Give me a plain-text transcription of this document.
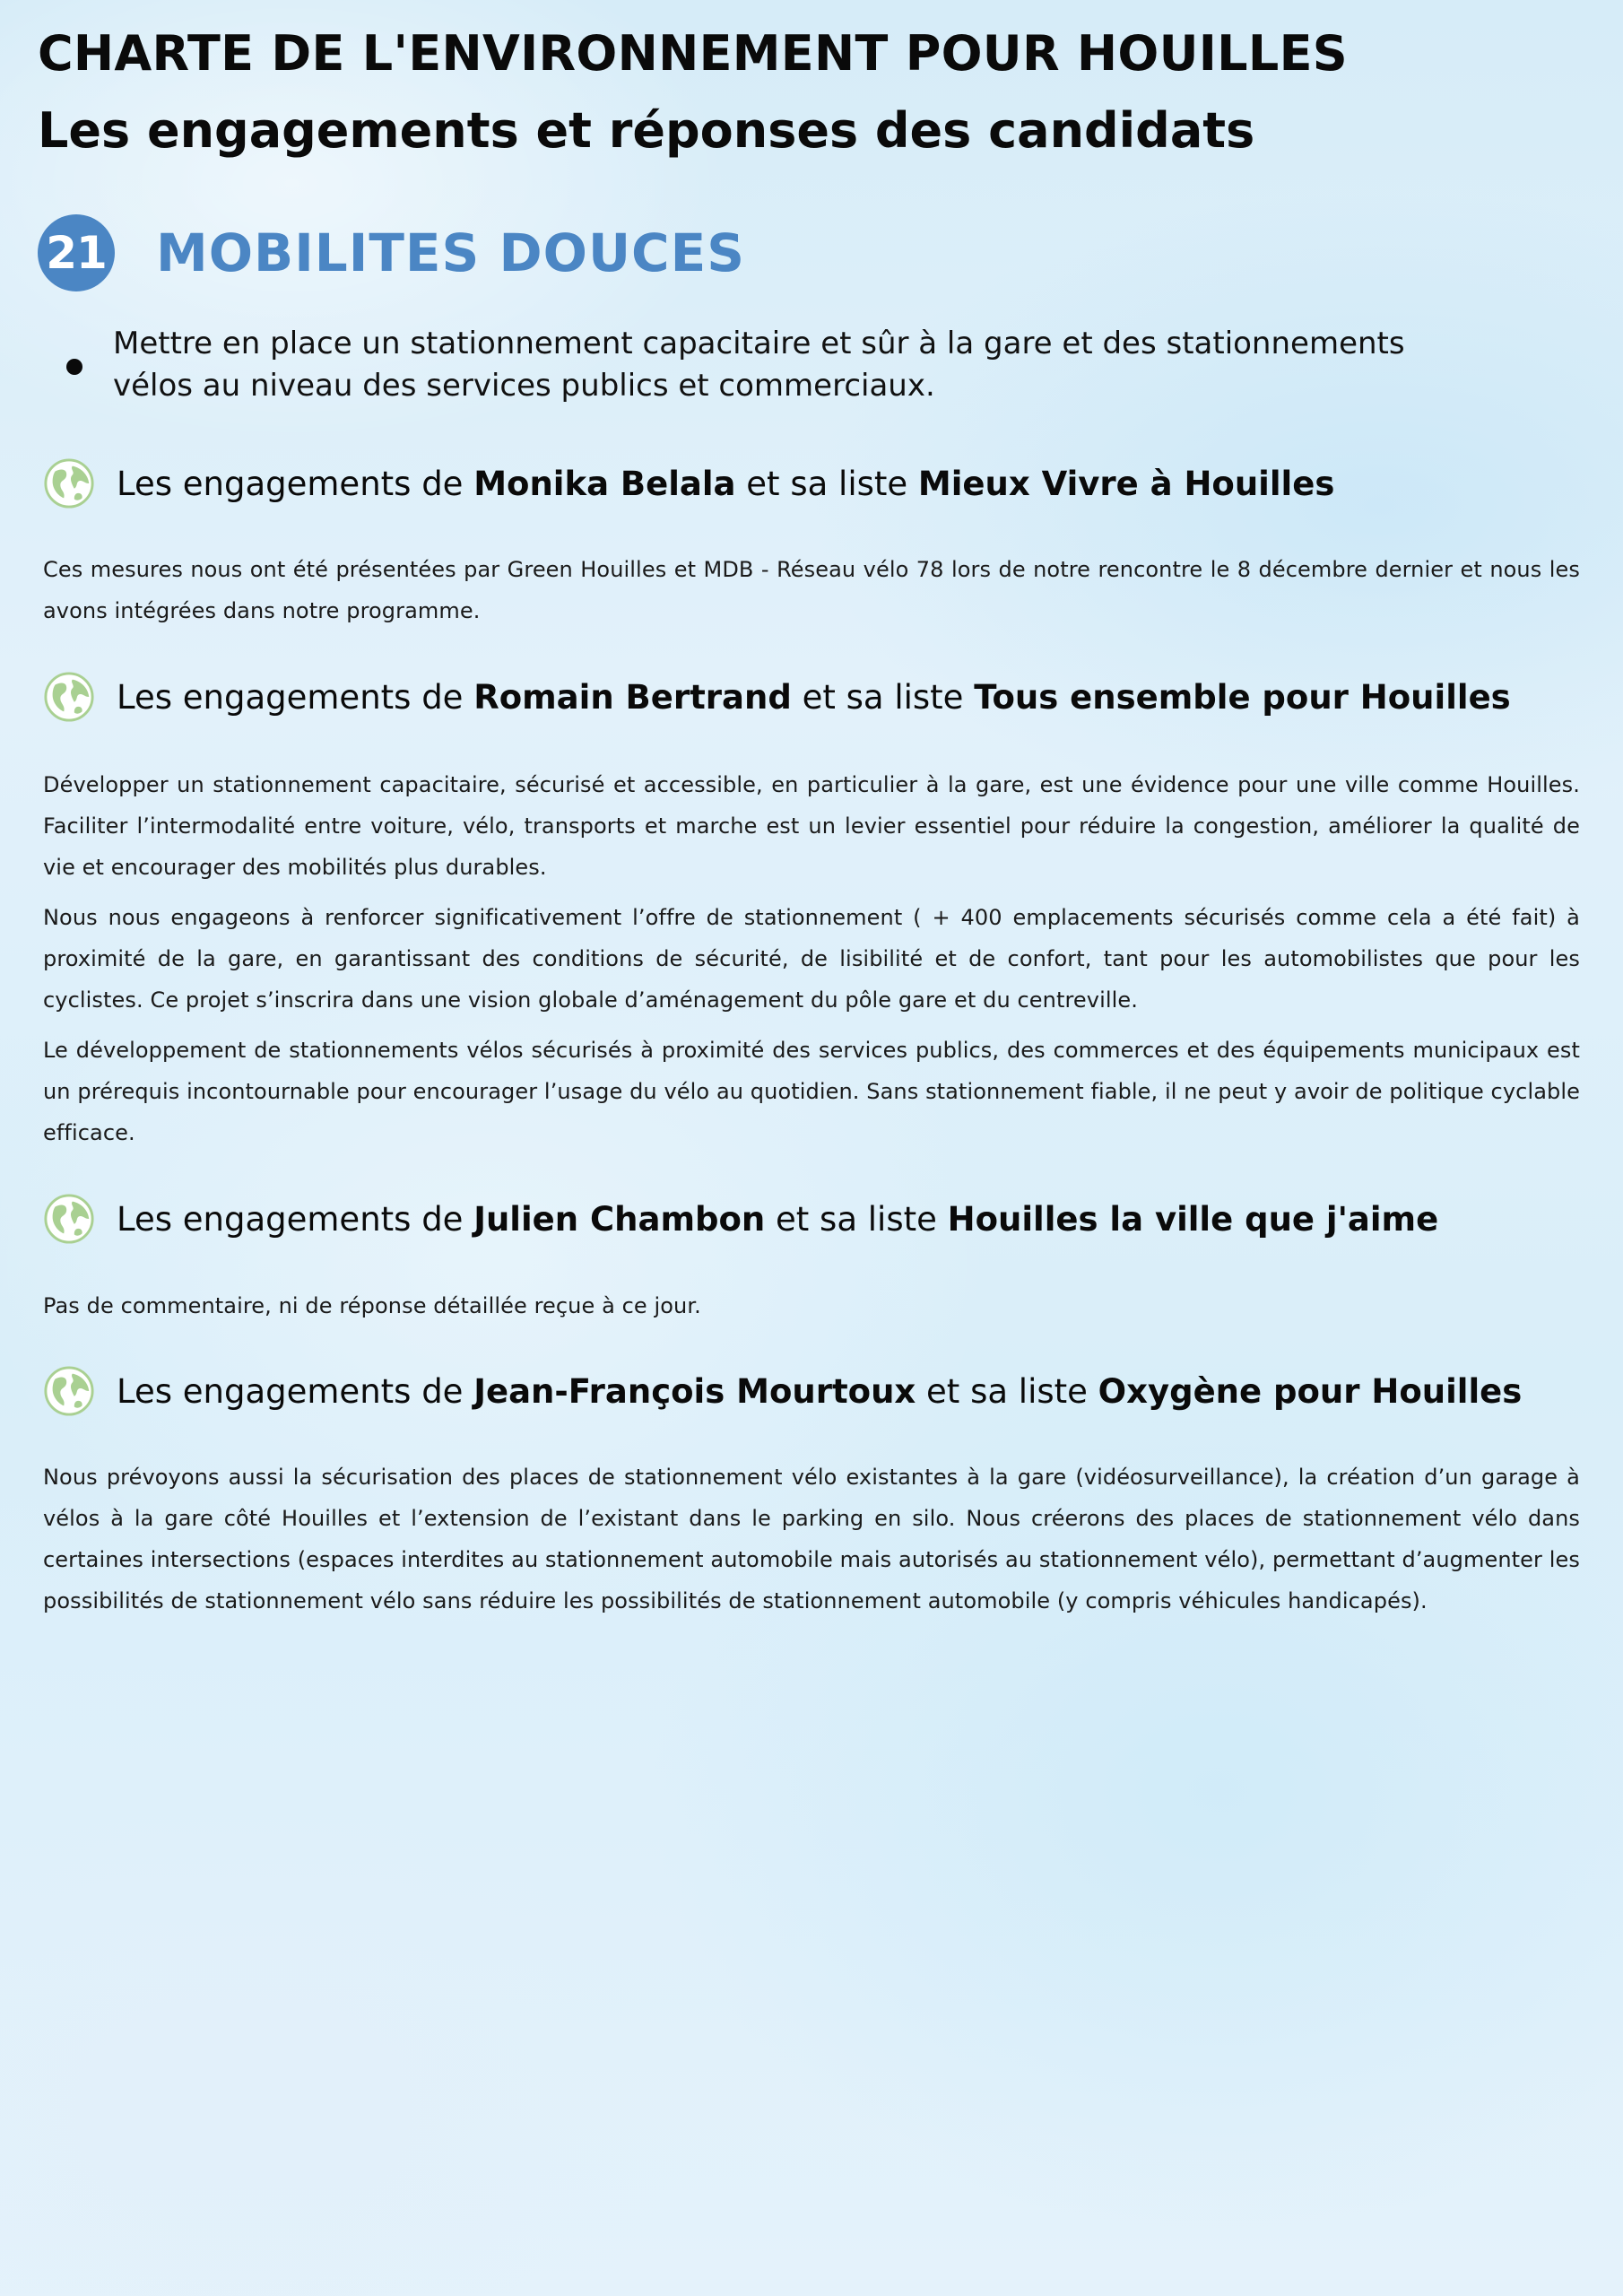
CHARTE DE L'ENVIRONNEMENT POUR HOUILLES
Les engagements et réponses des candidats
21 MOBILITES DOUCES

Mettre en place un stationnement capacitaire et sûr à la gare et des stationnements vélos au niveau des services publics et commerciaux.

Les engagements de Monika Belala et sa liste Mieux Vivre à Houilles

Ces mesures nous ont été présentées par Green Houilles et MDB - Réseau vélo 78 lors de notre rencontre le 8 décembre dernier et nous les avons intégrées dans notre programme.

Les engagements de Romain Bertrand et sa liste Tous ensemble pour Houilles

Développer un stationnement capacitaire, sécurisé et accessible, en particulier à la gare, est une évidence pour une ville comme Houilles. Faciliter l’intermodalité entre voiture, vélo, transports et marche est un levier essentiel pour réduire la congestion, améliorer la qualité de vie et encourager des mobilités plus durables.

Nous nous engageons à renforcer significativement l’offre de stationnement ( + 400 emplacements sécurisés comme cela a été fait) à proximité de la gare, en garantissant des conditions de sécurité, de lisibilité et de confort, tant pour les automobilistes que pour les cyclistes. Ce projet s’inscrira dans une vision globale d’aménagement du pôle gare et du centreville.

Le développement de stationnements vélos sécurisés à proximité des services publics, des commerces et des équipements municipaux est un prérequis incontournable pour encourager l’usage du vélo au quotidien. Sans stationnement fiable, il ne peut y avoir de politique cyclable efficace.

Les engagements de Julien Chambon et sa liste Houilles la ville que j'aime

Pas de commentaire, ni de réponse détaillée reçue à ce jour.

Les engagements de Jean-François Mourtoux et sa liste Oxygène pour Houilles

Nous prévoyons aussi la sécurisation des places de stationnement vélo existantes à la gare (vidéosurveillance), la création d’un garage à vélos à la gare côté Houilles et l’extension de l’existant dans le parking en silo. Nous créerons des places de stationnement vélo dans certaines intersections (espaces interdites au stationnement automobile mais autorisés au stationnement vélo), permettant d’augmenter les possibilités de stationnement vélo sans réduire les possibilités de stationnement automobile (y compris véhicules handicapés).
